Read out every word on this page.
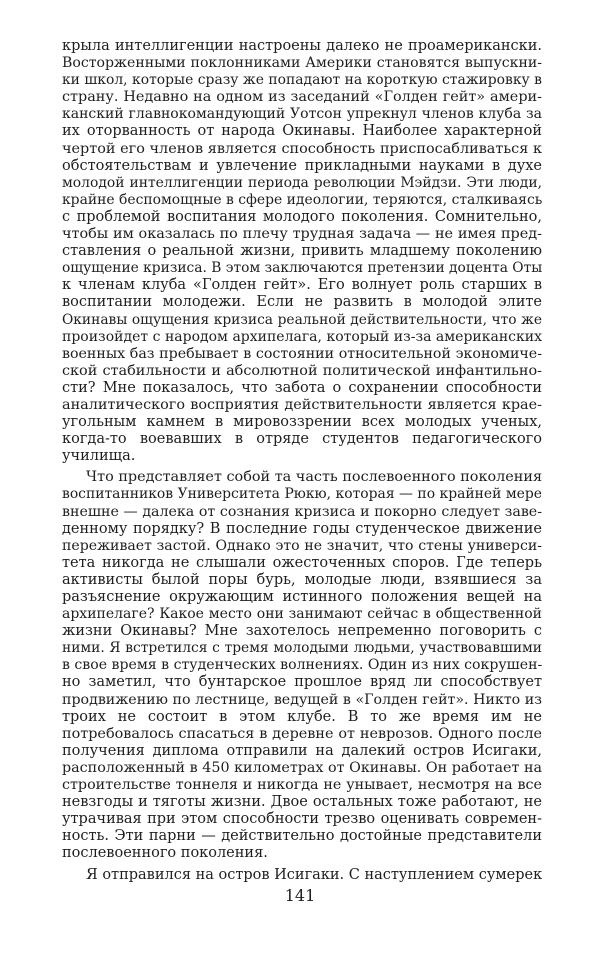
крыла интеллигенции настроены далеко не проамерикански.
Восторженными поклонниками Америки становятся выпускни-
ки школ, которые сразу же попадают на короткую стажировку в
страну. Недавно на одном из заседаний «Голден гейт» амери-
канский главнокомандующий Уотсон упрекнул членов клуба за
их оторванность от народа Окинавы. Наиболее характерной
чертой его членов является способность приспосабливаться к
обстоятельствам и увлечение прикладными науками в духе
молодой интеллигенции периода революции Мэйдзи. Эти люди,
крайне беспомощные в сфере идеологии, теряются, сталкиваясь
с проблемой воспитания молодого поколения. Сомнительно,
чтобы им оказалась по плечу трудная задача — не имея пред-
ставления о реальной жизни, привить младшему поколению
ощущение кризиса. В этом заключаются претензии доцента Оты
к членам клуба «Голден гейт». Его волнует роль старших в
воспитании молодежи. Если не развить в молодой элите
Окинавы ощущения кризиса реальной действительности, что же
произойдет с народом архипелага, который из-за американских
военных баз пребывает в состоянии относительной экономиче-
ской стабильности и абсолютной политической инфантильно-
сти? Мне показалось, что забота о сохранении способности
аналитического восприятия действительности является крае-
угольным камнем в мировоззрении всех молодых ученых,
когда-то воевавших в отряде студентов педагогического
училища.
Что представляет собой та часть послевоенного поколения
воспитанников Университета Рюкю, которая — по крайней мере
внешне — далека от сознания кризиса и покорно следует заве-
денному порядку? В последние годы студенческое движение
переживает застой. Однако это не значит, что стены универси-
тета никогда не слышали ожесточенных споров. Где теперь
активисты былой поры бурь, молодые люди, взявшиеся за
разъяснение окружающим истинного положения вещей на
архипелаге? Какое место они занимают сейчас в общественной
жизни Окинавы? Мне захотелось непременно поговорить с
ними. Я встретился с тремя молодыми людьми, участвовавшими
в свое время в студенческих волнениях. Один из них сокрушен-
но заметил, что бунтарское прошлое вряд ли способствует
продвижению по лестнице, ведущей в «Голден гейт». Никто из
троих не состоит в этом клубе. В то же время им не
потребовалось спасаться в деревне от неврозов. Одного после
получения диплома отправили на далекий остров Исигаки,
расположенный в 450 километрах от Окинавы. Он работает на
строительстве тоннеля и никогда не унывает, несмотря на все
невзгоды и тяготы жизни. Двое остальных тоже работают, не
утрачивая при этом способности трезво оценивать современ-
ность. Эти парни — действительно достойные представители
послевоенного поколения.
Я отправился на остров Исигаки. С наступлением сумерек
141
